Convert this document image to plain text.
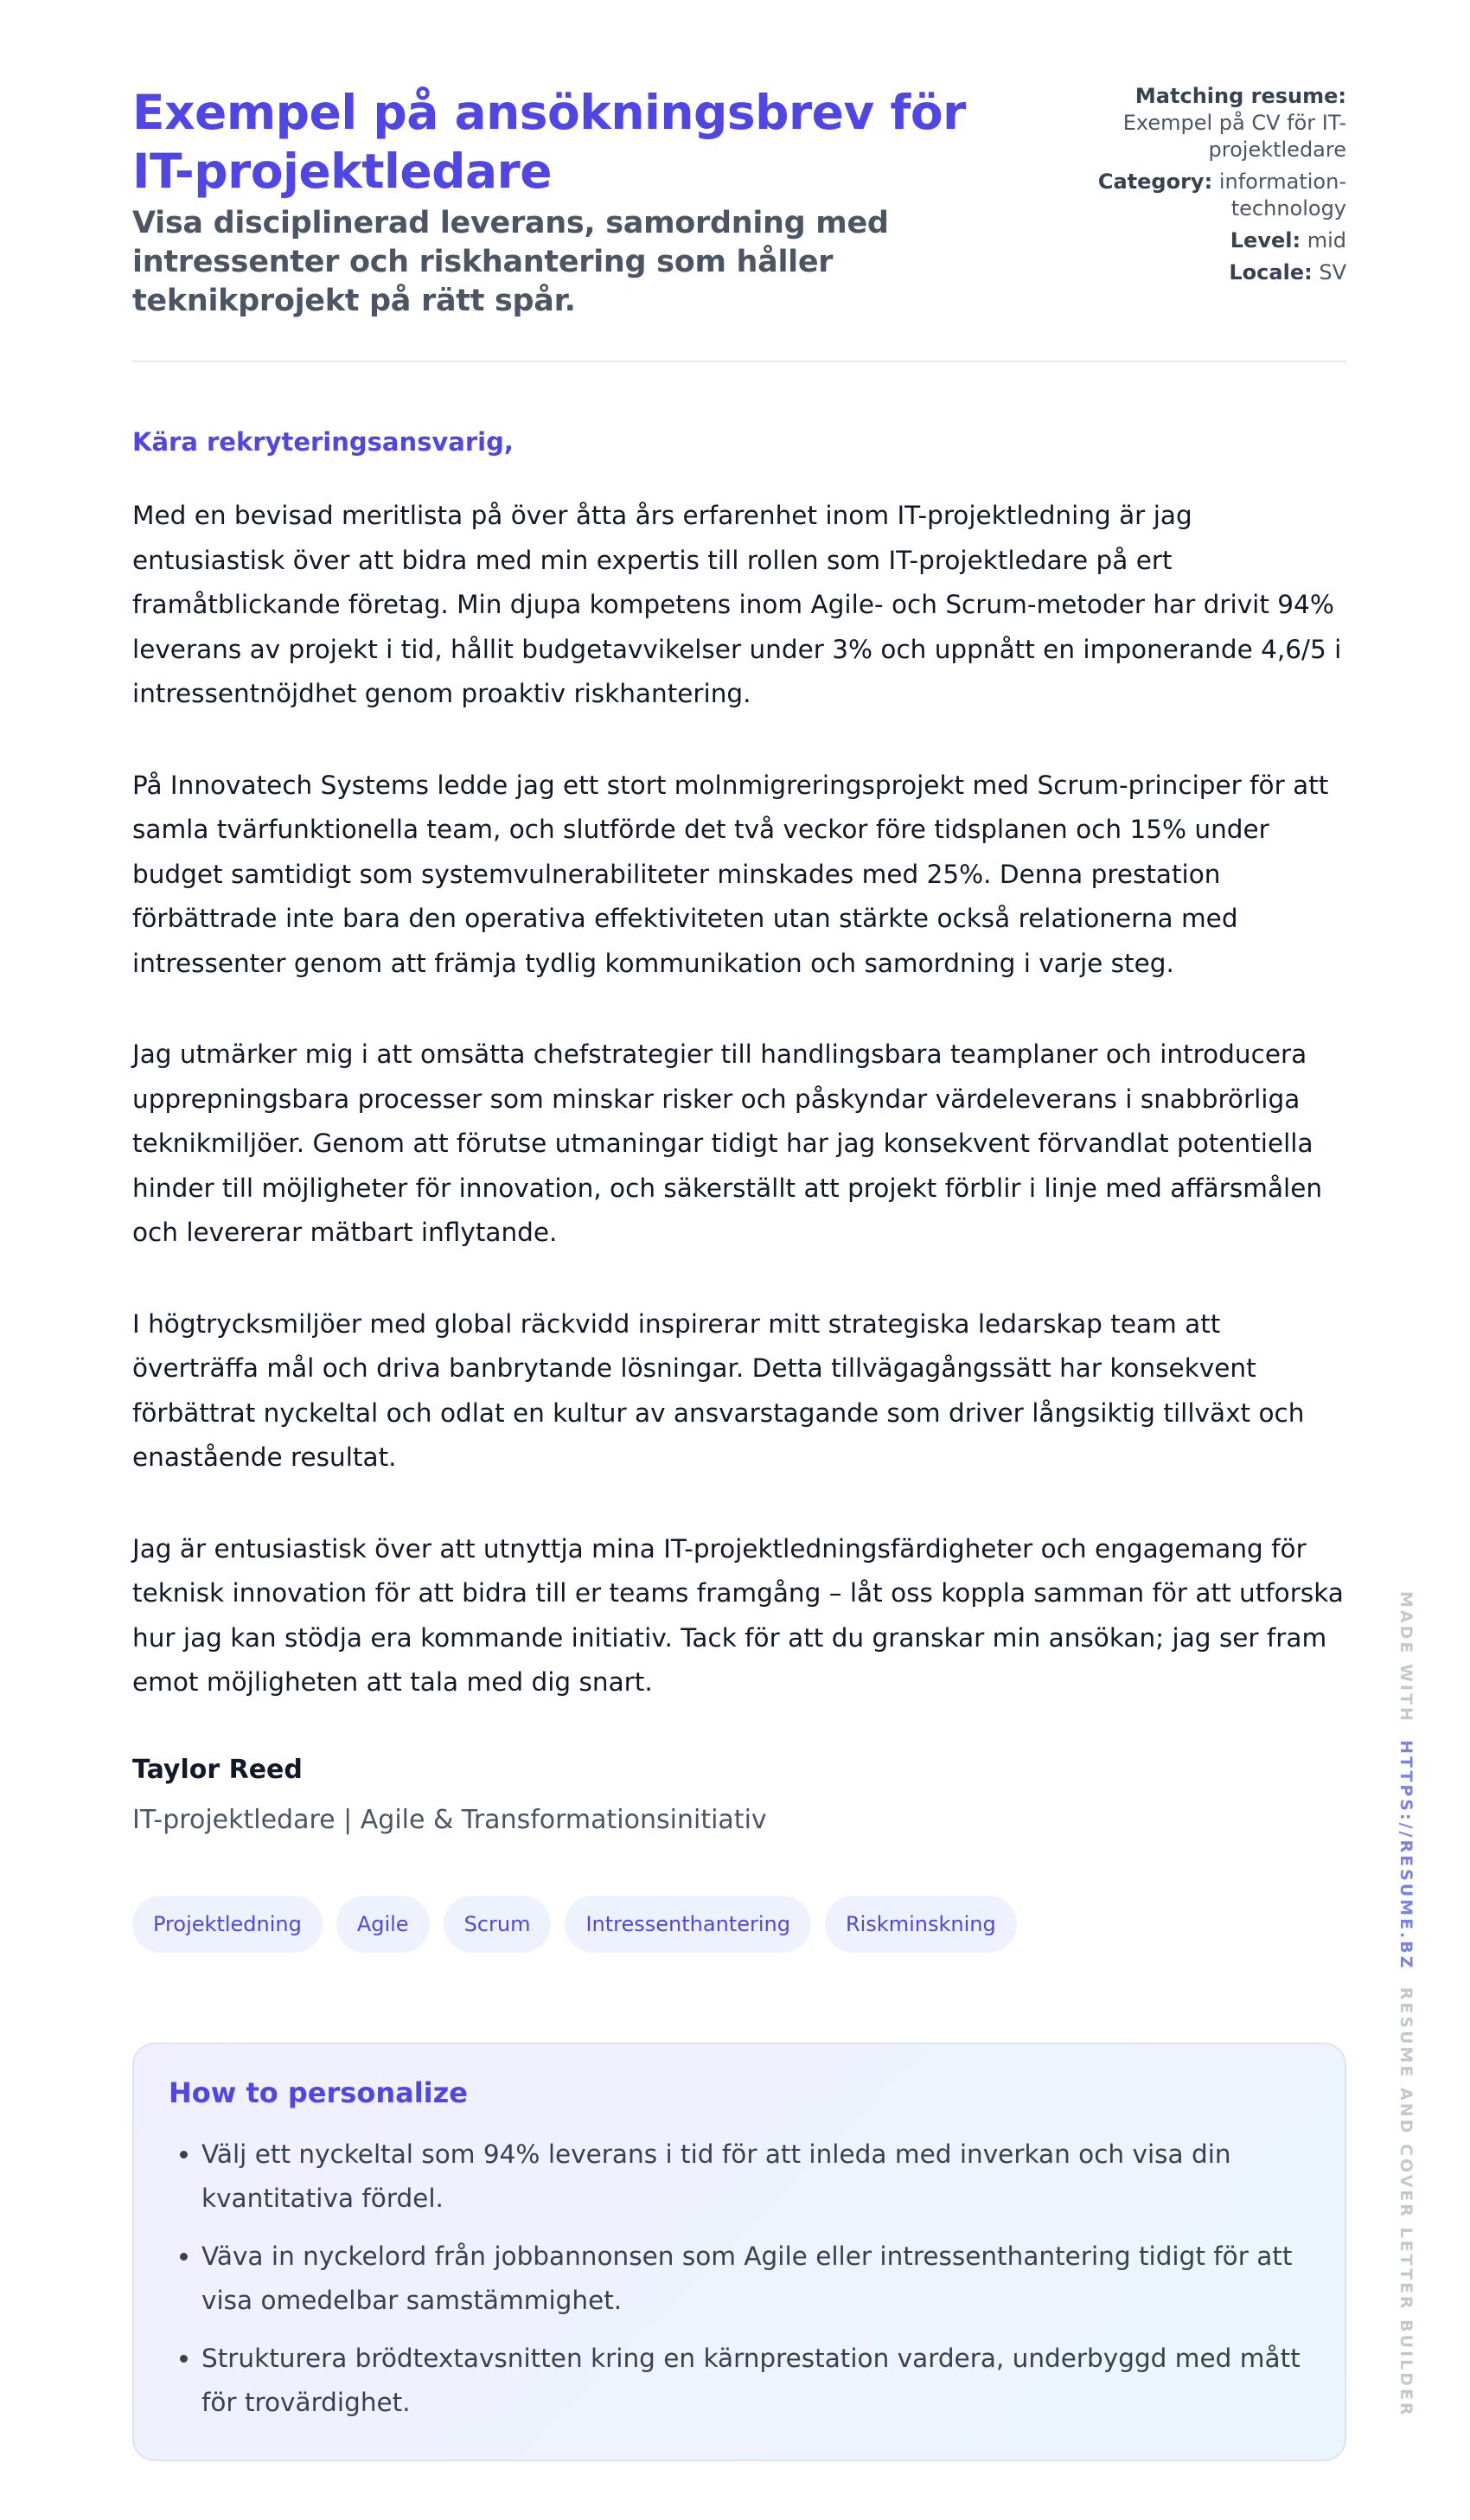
Exempel på ansökningsbrev för IT-projektledare

Visa disciplinerad leverans, samordning med intressenter och riskhantering som håller teknikprojekt på rätt spår.

Matching resume: Exempel på CV för IT-projektledare
Category: information-technology
Level: mid
Locale: SV
Kära rekryteringsansvarig,

Med en bevisad meritlista på över åtta års erfarenhet inom IT-projektledning är jag entusiastisk över att bidra med min expertis till rollen som IT-projektledare på ert framåtblickande företag. Min djupa kompetens inom Agile- och Scrum-metoder har drivit 94% leverans av projekt i tid, hållit budgetavvikelser under 3% och uppnått en imponerande 4,6/5 i intressentnöjdhet genom proaktiv riskhantering.

På Innovatech Systems ledde jag ett stort molnmigreringsprojekt med Scrum-principer för att samla tvärfunktionella team, och slutförde det två veckor före tidsplanen och 15% under budget samtidigt som systemvulnerabiliteter minskades med 25%. Denna prestation förbättrade inte bara den operativa effektiviteten utan stärkte också relationerna med intressenter genom att främja tydlig kommunikation och samordning i varje steg.

Jag utmärker mig i att omsätta chefstrategier till handlingsbara teamplaner och introducera upprepningsbara processer som minskar risker och påskyndar värdeleverans i snabbrörliga teknikmiljöer. Genom att förutse utmaningar tidigt har jag konsekvent förvandlat potentiella hinder till möjligheter för innovation, och säkerställt att projekt förblir i linje med affärsmålen och levererar mätbart inflytande.

I högtrycksmiljöer med global räckvidd inspirerar mitt strategiska ledarskap team att överträffa mål och driva banbrytande lösningar. Detta tillvägagångssätt har konsekvent förbättrat nyckeltal och odlat en kultur av ansvarstagande som driver långsiktig tillväxt och enastående resultat.

Jag är entusiastisk över att utnyttja mina IT-projektledningsfärdigheter och engagemang för teknisk innovation för att bidra till er teams framgång – låt oss koppla samman för att utforska hur jag kan stödja era kommande initiativ. Tack för att du granskar min ansökan; jag ser fram emot möjligheten att tala med dig snart.

Taylor Reed
IT-projektledare | Agile & Transformationsinitiativ
Projektledning	Agile	Scrum	Intressenthantering	Riskminskning
How to personalize
• Välj ett nyckeltal som 94% leverans i tid för att inleda med inverkan och visa din kvantitativa fördel.
• Väva in nyckelord från jobbannonsen som Agile eller intressenthantering tidigt för att visa omedelbar samstämmighet.
• Strukturera brödtextavsnitten kring en kärnprestation vardera, underbyggd med mått för trovärdighet.
MADE WITH  HTTPS://RESUME.BZ  RESUME AND COVER LETTER BUILDER
